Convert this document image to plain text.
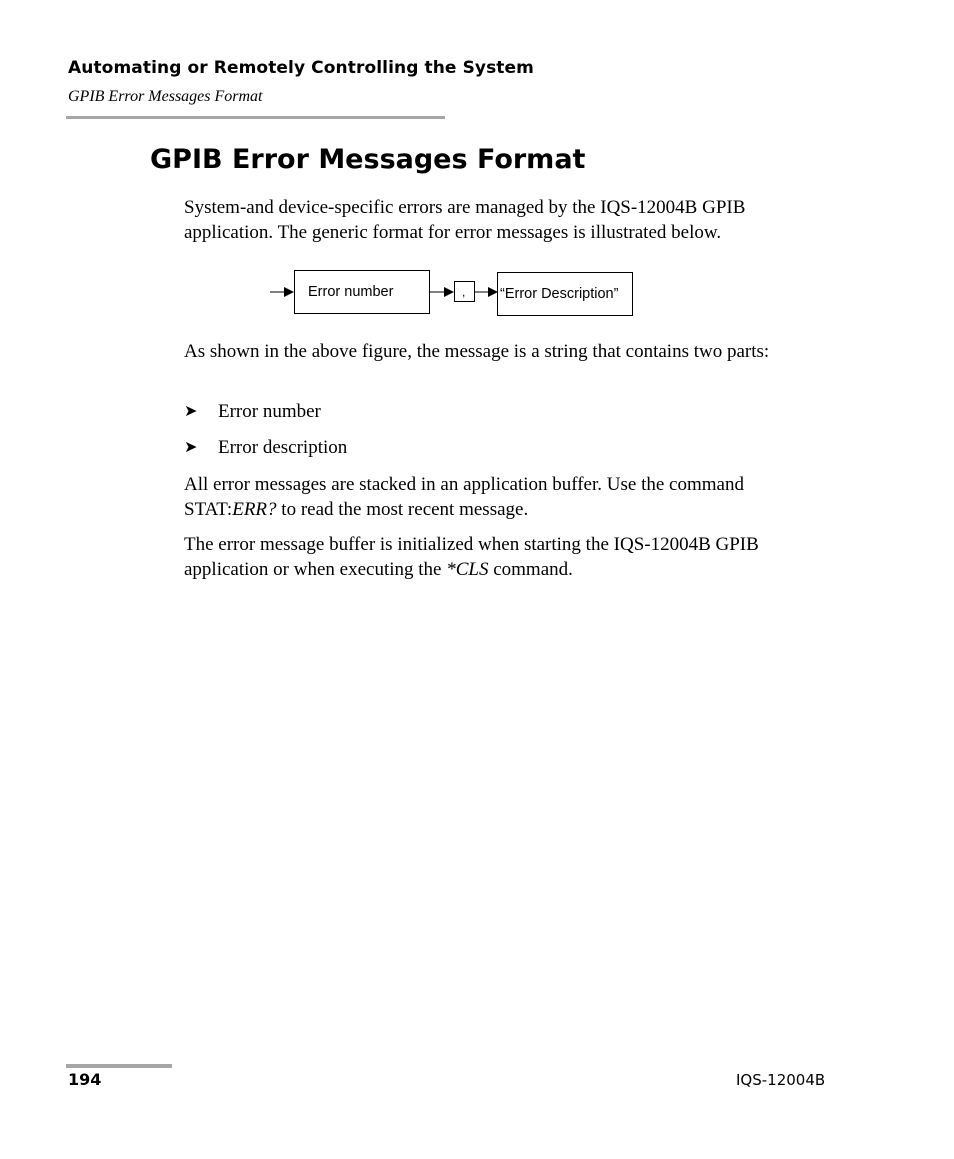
Automating or Remotely Controlling the System
GPIB Error Messages Format
GPIB Error Messages Format
System-and device-specific errors are managed by the IQS-12004B GPIB application. The generic format for error messages is illustrated below.
Error number	, “Error Description”
As shown in the above figure, the message is a string that contains two parts:
➤ Error number
➤ Error description
All error messages are stacked in an application buffer. Use the command STAT:ERR? to read the most recent message.
The error message buffer is initialized when starting the IQS-12004B GPIB application or when executing the *CLS command.
194	IQS-12004B
